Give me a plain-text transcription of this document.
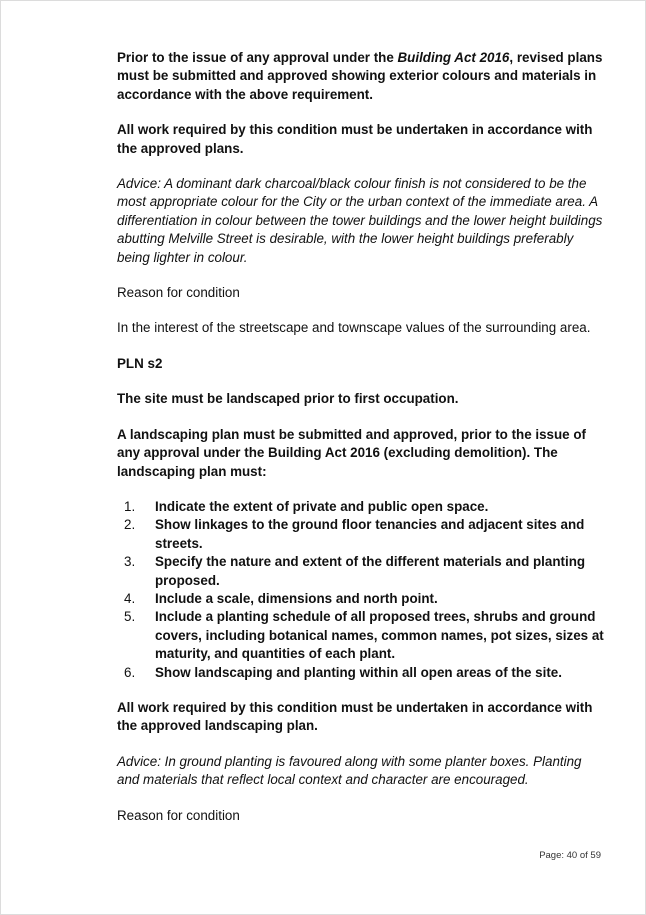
Prior to the issue of any approval under the Building Act 2016, revised plans must be submitted and approved showing exterior colours and materials in accordance with the above requirement.

All work required by this condition must be undertaken in accordance with the approved plans.

Advice: A dominant dark charcoal/black colour finish is not considered to be the most appropriate colour for the City or the urban context of the immediate area. A differentiation in colour between the tower buildings and the lower height buildings abutting Melville Street is desirable, with the lower height buildings preferably being lighter in colour.

Reason for condition

In the interest of the streetscape and townscape values of the surrounding area.

PLN s2

The site must be landscaped prior to first occupation.

A landscaping plan must be submitted and approved, prior to the issue of any approval under the Building Act 2016 (excluding demolition). The landscaping plan must:

1. Indicate the extent of private and public open space.
2. Show linkages to the ground floor tenancies and adjacent sites and streets.
3. Specify the nature and extent of the different materials and planting proposed.
4. Include a scale, dimensions and north point.
5. Include a planting schedule of all proposed trees, shrubs and ground covers, including botanical names, common names, pot sizes, sizes at maturity, and quantities of each plant.
6. Show landscaping and planting within all open areas of the site.

All work required by this condition must be undertaken in accordance with the approved landscaping plan.

Advice: In ground planting is favoured along with some planter boxes. Planting and materials that reflect local context and character are encouraged.

Reason for condition

Page: 40 of 59
